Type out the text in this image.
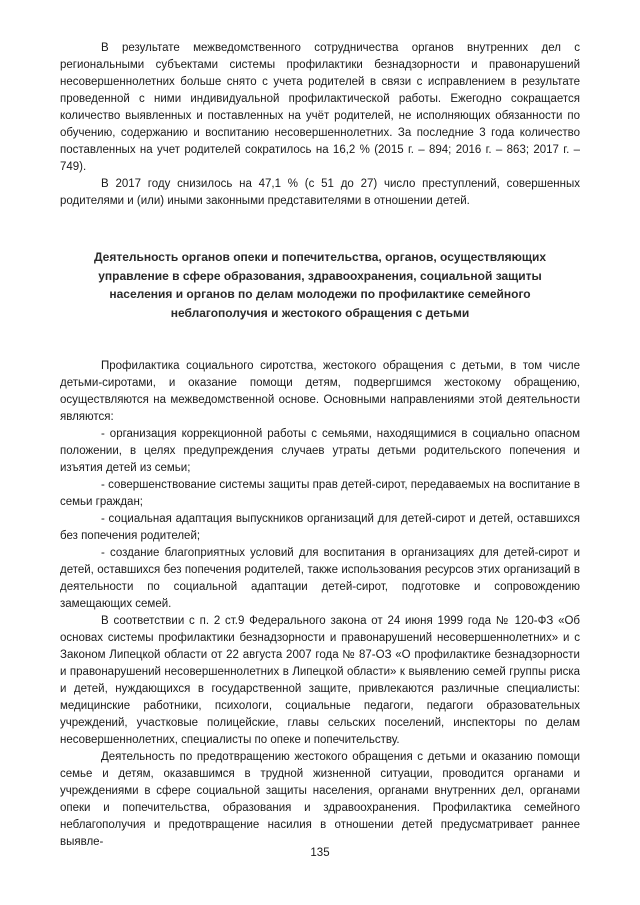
В результате межведомственного сотрудничества органов внутренних дел с региональными субъектами системы профилактики безнадзорности и правонарушений несовершеннолетних больше снято с учета родителей в связи с исправлением в результате проведенной с ними индивидуальной профилактической работы. Ежегодно сокращается количество выявленных и поставленных на учёт родителей, не исполняющих обязанности по обучению, содержанию и воспитанию несовершеннолетних. За последние 3 года количество поставленных на учет родителей сократилось на 16,2 % (2015 г. – 894; 2016 г. – 863; 2017 г. –749).

В 2017 году снизилось на 47,1 % (с 51 до 27) число преступлений, совершенных родителями и (или) иными законными представителями в отношении детей.

Деятельность органов опеки и попечительства, органов, осуществляющих
управление в сфере образования, здравоохранения, социальной защиты
населения и органов по делам молодежи по профилактике семейного
неблагополучия и жестокого обращения с детьми

Профилактика социального сиротства, жестокого обращения с детьми, в том числе детьми-сиротами, и оказание помощи детям, подвергшимся жестокому обращению, осуществляются на межведомственной основе. Основными направлениями этой деятельности являются:

- организация коррекционной работы с семьями, находящимися в социально опасном положении, в целях предупреждения случаев утраты детьми родительского попечения и изъятия детей из семьи;

- совершенствование системы защиты прав детей-сирот, передаваемых на воспитание в семьи граждан;

- социальная адаптация выпускников организаций для детей-сирот и детей, оставшихся без попечения родителей;

- создание благоприятных условий для воспитания в организациях для детей-сирот и детей, оставшихся без попечения родителей, также использования ресурсов этих организаций в деятельности по социальной адаптации детей-сирот, подготовке и сопровождению замещающих семей.

В соответствии с п. 2 ст.9 Федерального закона от 24 июня 1999 года № 120-ФЗ «Об основах системы профилактики безнадзорности и правонарушений несовершеннолетних» и с Законом Липецкой области от 22 августа 2007 года № 87-ОЗ «О профилактике безнадзорности и правонарушений несовершеннолетних в Липецкой области» к выявлению семей группы риска и детей, нуждающихся в государственной защите, привлекаются различные специалисты: медицинские работники, психологи, социальные педагоги, педагоги образовательных учреждений, участковые полицейские, главы сельских поселений, инспекторы по делам несовершеннолетних, специалисты по опеке и попечительству.

Деятельность по предотвращению жестокого обращения с детьми и оказанию помощи семье и детям, оказавшимся в трудной жизненной ситуации, проводится органами и учреждениями в сфере социальной защиты населения, органами внутренних дел, органами опеки и попечительства, образования и здравоохранения. Профилактика семейного неблагополучия и предотвращение насилия в отношении детей предусматривает раннее выявле-

135
